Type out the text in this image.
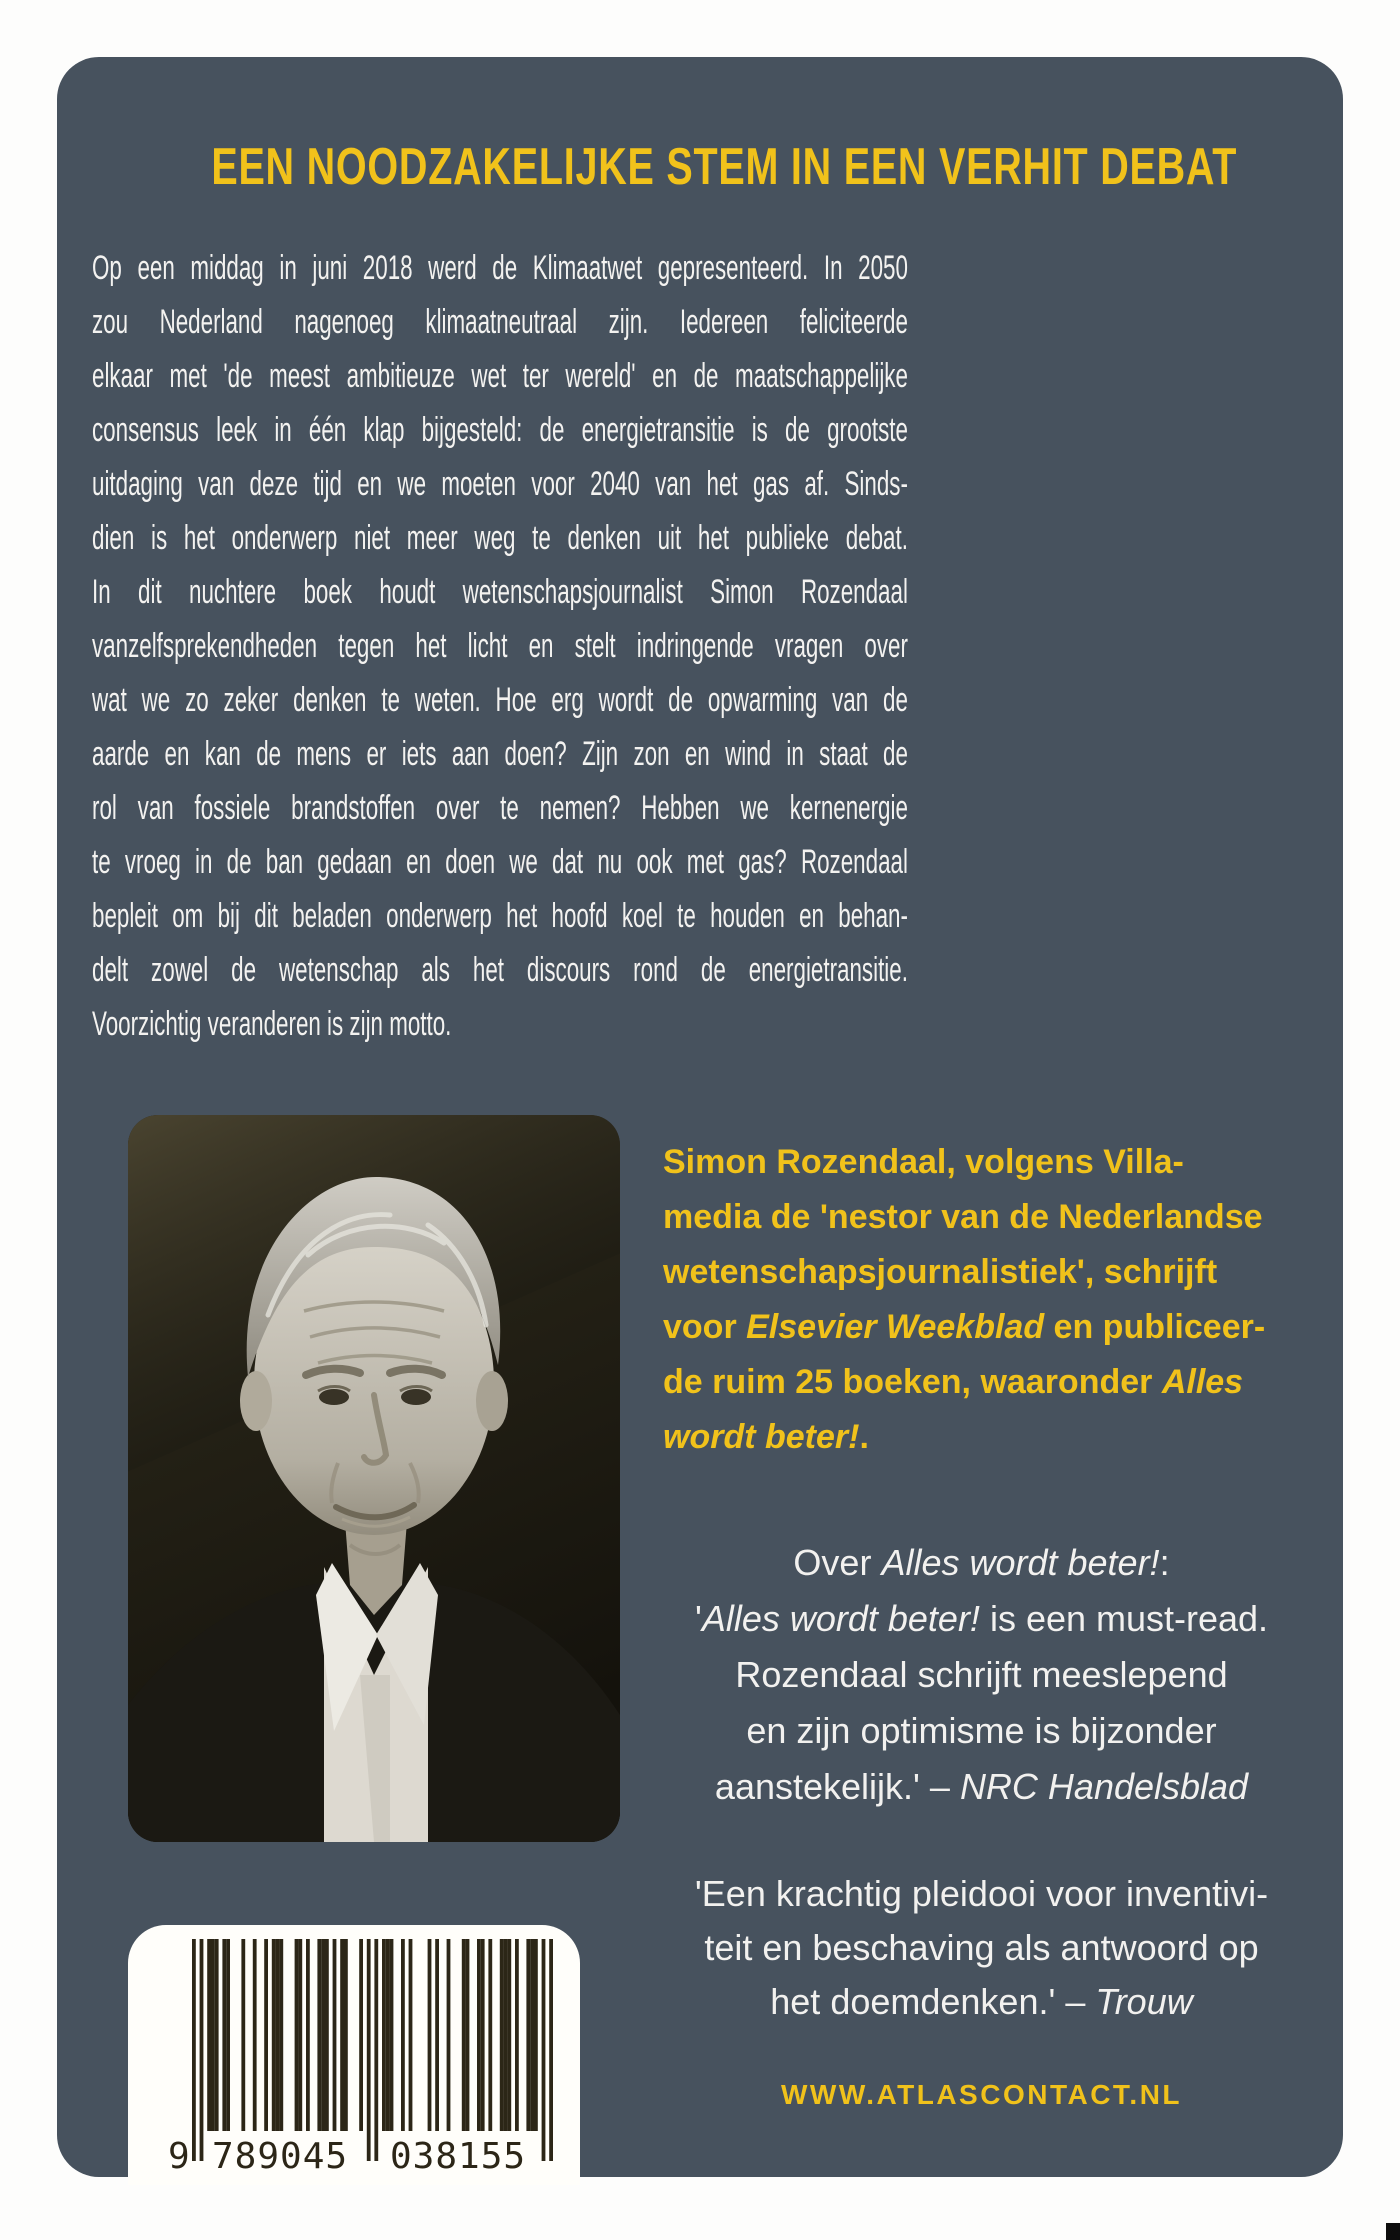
EEN NOODZAKELIJKE STEM IN EEN VERHIT DEBAT
Op een middag in juni 2018 werd de Klimaatwet gepresenteerd. In 2050
zou Nederland nagenoeg klimaatneutraal zijn. Iedereen feliciteerde
elkaar met 'de meest ambitieuze wet ter wereld' en de maatschappelijke
consensus leek in één klap bijgesteld: de energietransitie is de grootste
uitdaging van deze tijd en we moeten voor 2040 van het gas af. Sinds-
dien is het onderwerp niet meer weg te denken uit het publieke debat.
In dit nuchtere boek houdt wetenschapsjournalist Simon Rozendaal
vanzelfsprekendheden tegen het licht en stelt indringende vragen over
wat we zo zeker denken te weten. Hoe erg wordt de opwarming van de
aarde en kan de mens er iets aan doen? Zijn zon en wind in staat de
rol van fossiele brandstoffen over te nemen? Hebben we kernenergie
te vroeg in de ban gedaan en doen we dat nu ook met gas? Rozendaal
bepleit om bij dit beladen onderwerp het hoofd koel te houden en behan-
delt zowel de wetenschap als het discours rond de energietransitie.
Voorzichtig veranderen is zijn motto.
Simon Rozendaal, volgens Villa-
media de 'nestor van de Nederlandse
wetenschapsjournalistiek', schrijft
voor Elsevier Weekblad en publiceer-
de ruim 25 boeken, waaronder Alles
wordt beter!.
Over Alles wordt beter!:
'Alles wordt beter! is een must-read.
Rozendaal schrijft meeslepend
en zijn optimisme is bijzonder
aanstekelijk.' – NRC Handelsblad
'Een krachtig pleidooi voor inventivi-
teit en beschaving als antwoord op
het doemdenken.' – Trouw
WWW.ATLASCONTACT.NL
9 789045 038155
